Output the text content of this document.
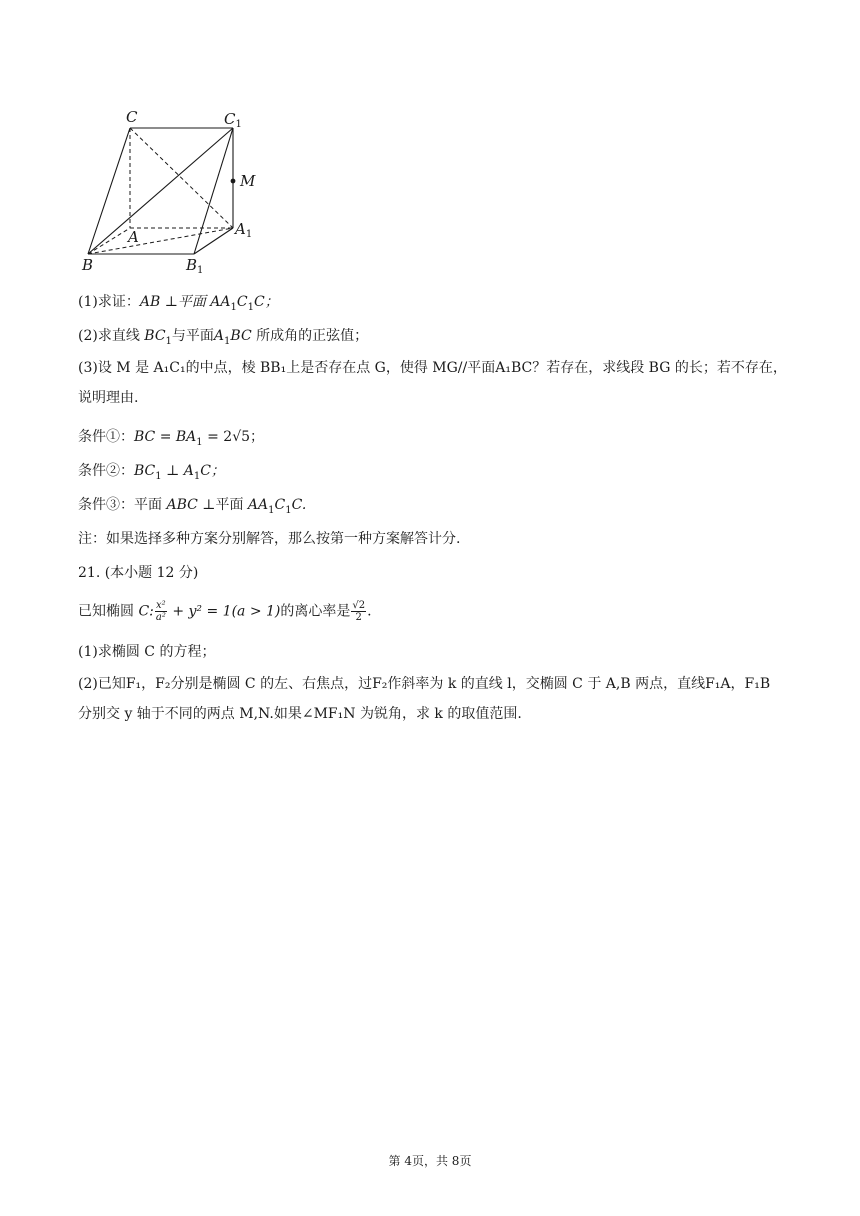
C	$C_1$
M
A	$A_1$
B	$B_1$
(1)求证：AB ⊥平面 $AA_1C_1C$；
(2)求直线 $BC_1$与平面$A_1BC$ 所成角的正弦值；
(3)设 M 是 A₁C₁的中点，棱 BB₁上是否存在点 G，使得 MG//平面A₁BC？若存在，求线段 BG 的长；若不存在，说明理由.
条件①：BC = $BA_1 = 2√5$；
条件②：$BC_1$ ⊥ $A_1C$；
条件③：平面 ABC ⊥平面 $AA_1C_1C$.
注：如果选择多种方案分别解答，那么按第一种方案解答计分.
21. (本小题 12 分)
已知椭圆 C: $\frac{\text{x²}}{\text{a²}} + y^2 = 1(a > 1)$的离心率是 $\frac{√2}{2}$ .
(1)求椭圆 C 的方程；
(2)已知F₁，F₂分别是椭圆 C 的左、右焦点，过F₂作斜率为 k 的直线 l，交椭圆 C 于 A,B 两点，直线F₁A，F₁B 分别交 y 轴于不同的两点 M,N.如果∠MF₁N 为锐角，求 k 的取值范围.
第 4页，共 8页
